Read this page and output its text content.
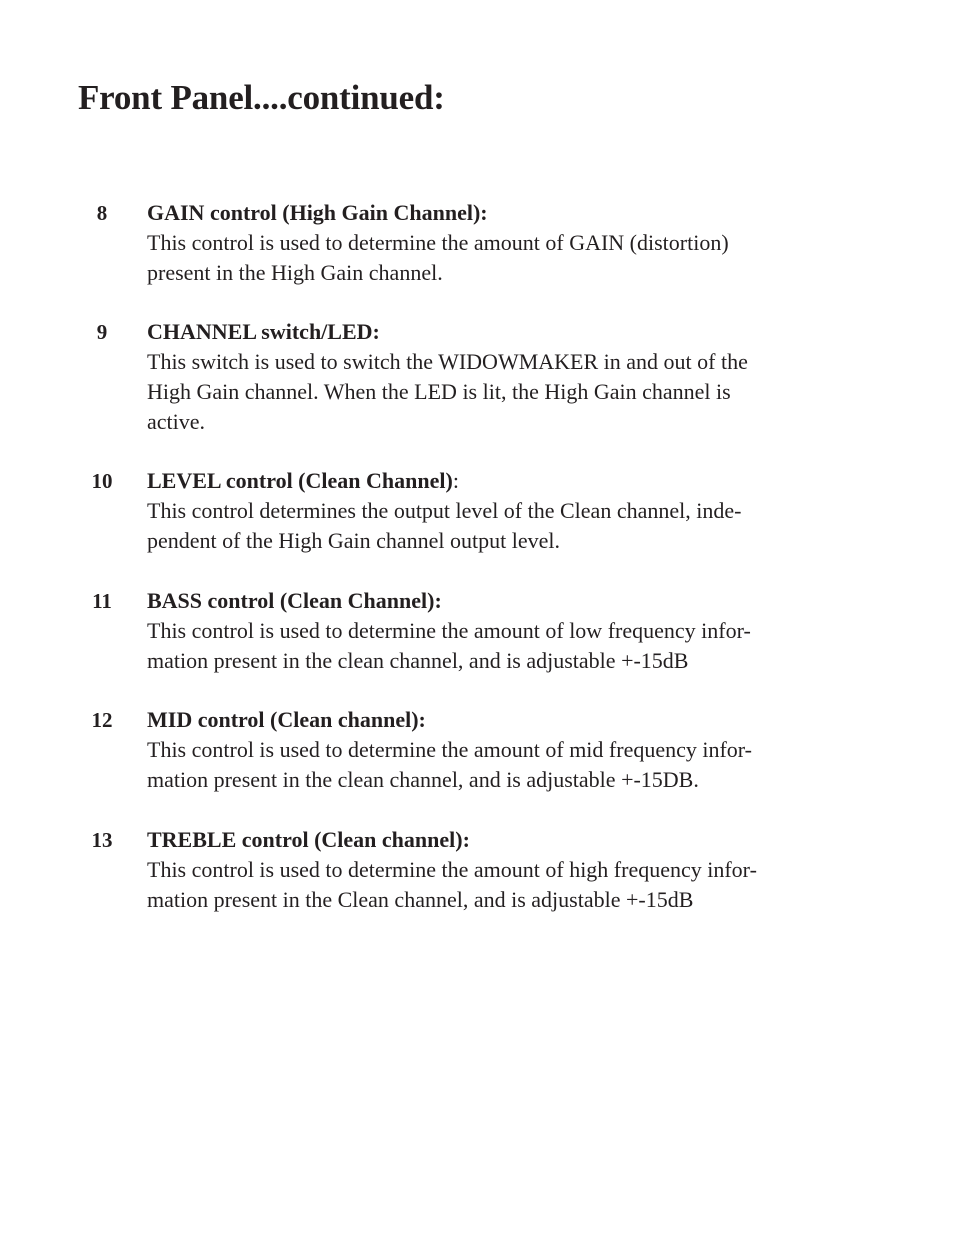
Front Panel....continued:
8	GAIN control (High Gain Channel):
This control is used to determine the amount of GAIN (distortion)
present in the High Gain channel.
9	CHANNEL switch/LED:
This switch is used to switch the WIDOWMAKER in and out of the
High Gain channel. When the LED is lit, the High Gain channel is
active.
10 LEVEL control (Clean Channel):
This control determines the output level of the Clean channel, inde-
pendent of the High Gain channel output level.
11 BASS control (Clean Channel):
This control is used to determine the amount of low frequency infor-
mation present in the clean channel, and is adjustable +-15dB
12 MID control (Clean channel):
This control is used to determine the amount of mid frequency infor-
mation present in the clean channel, and is adjustable +-15DB.
13 TREBLE control (Clean channel):
This control is used to determine the amount of high frequency infor-
mation present in the Clean channel, and is adjustable +-15dB
